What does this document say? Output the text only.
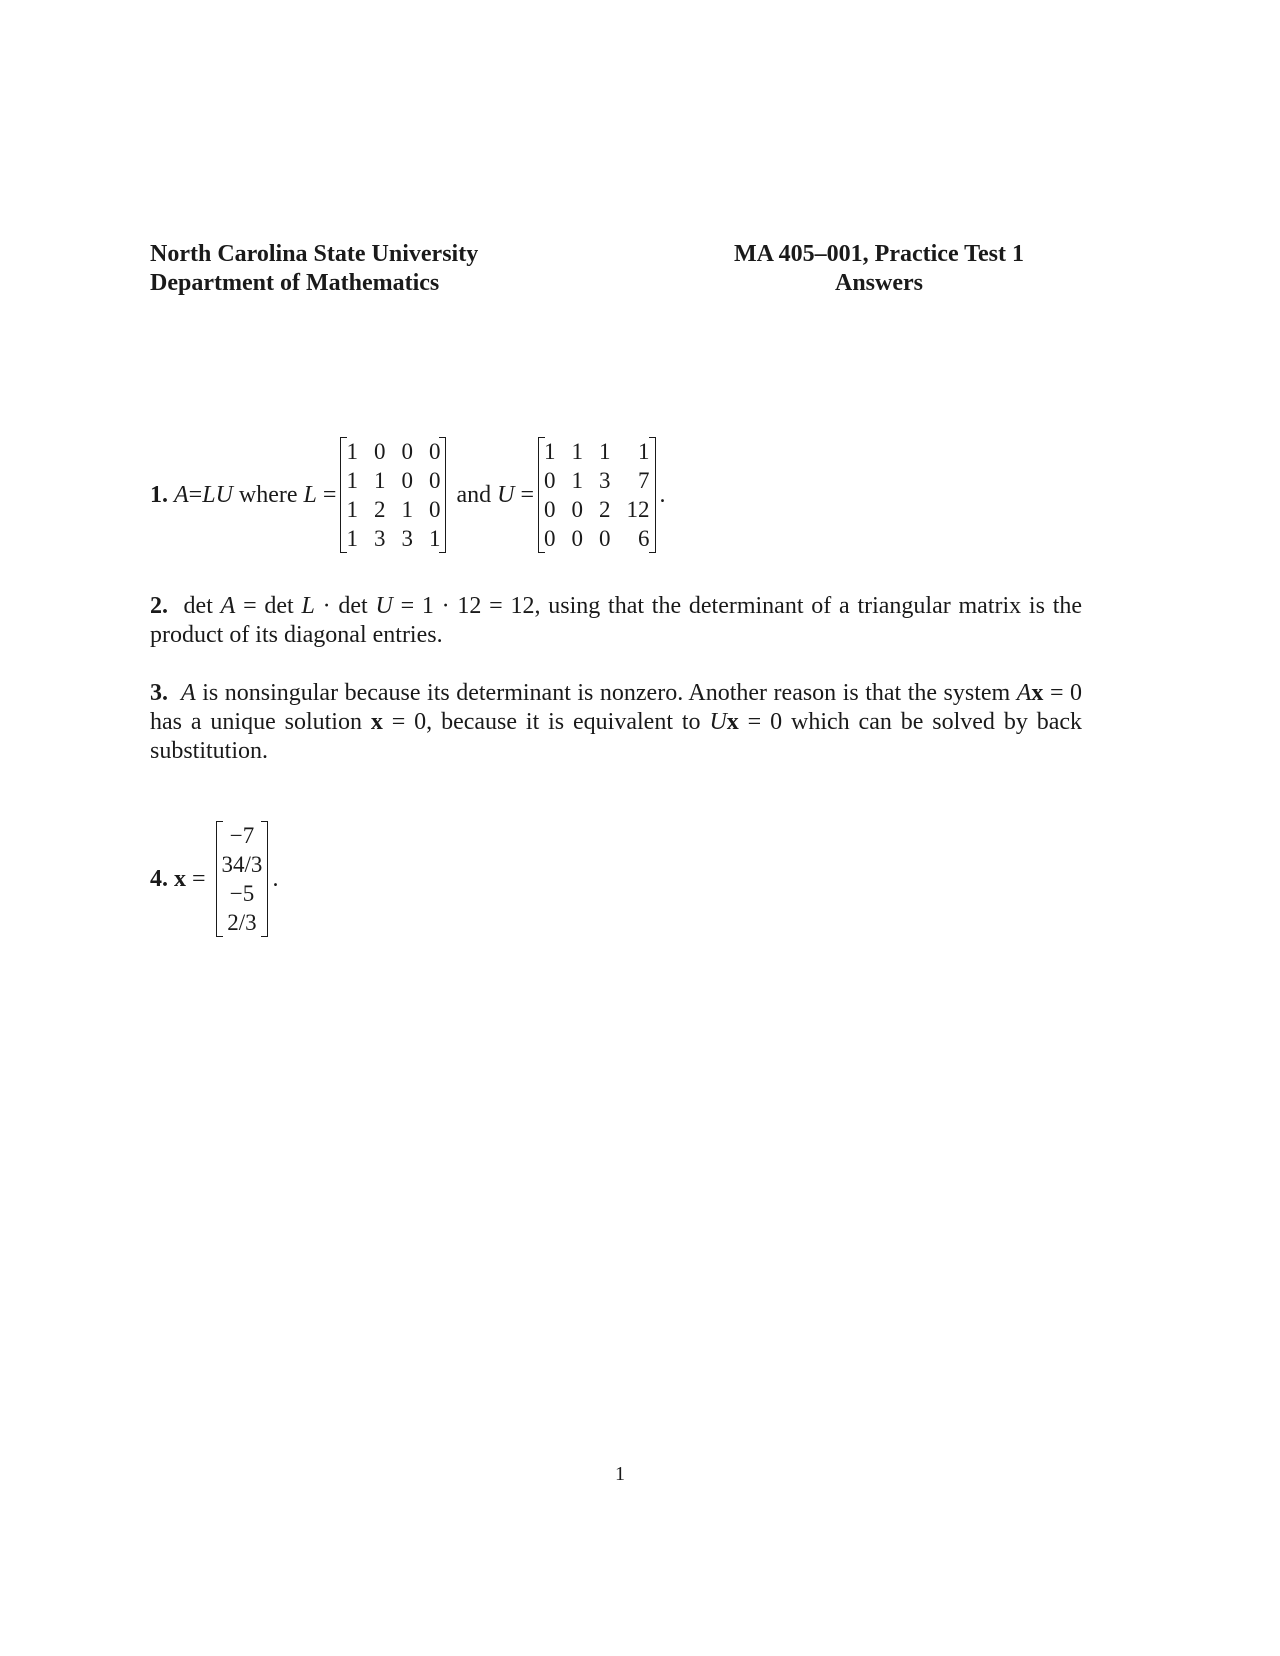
North Carolina State University
Department of Mathematics
MA 405–001, Practice Test 1
Answers
1.
A = LU where L =
1 0 0 0
1 1 0 0
1 2 1 0
1 3 3 1
and U =
1 1 1	1
0 1 3	7
0 0 2 12
0 0 0	6
.

2. det A = det L · det U = 1 · 12 = 12, using that the determinant of a triangular matrix is the product of its diagonal entries.

3. A is nonsingular because its determinant is nonzero. Another reason is that the system Ax = 0 has a unique solution x = 0, because it is equivalent to Ux = 0 which can be solved by back substitution.

4.
x =
−7
34/3
−5
2/3
.
1
